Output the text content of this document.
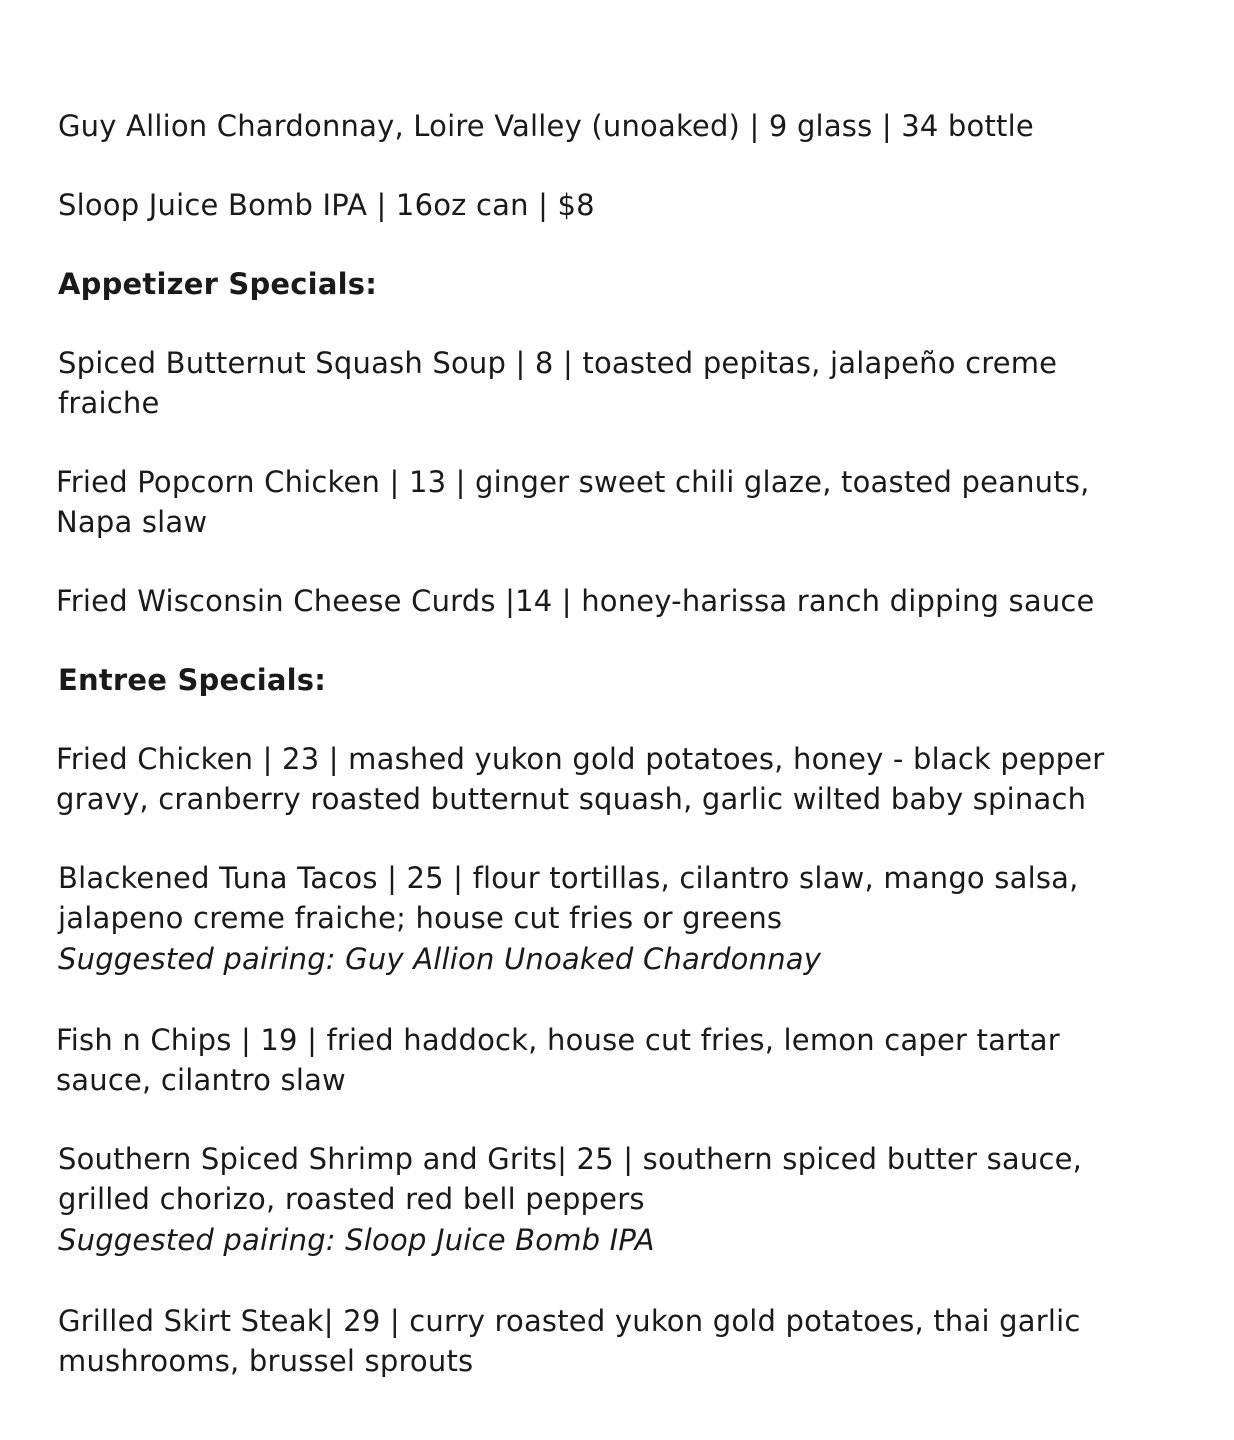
Guy Allion Chardonnay, Loire Valley (unoaked) | 9 glass | 34 bottle
Sloop Juice Bomb IPA | 16oz can | $8
Appetizer Specials:
Spiced Butternut Squash Soup | 8 | toasted pepitas, jalapeño creme
fraiche
Fried Popcorn Chicken | 13 | ginger sweet chili glaze, toasted peanuts,
Napa slaw
Fried Wisconsin Cheese Curds |14 | honey-harissa ranch dipping sauce
Entree Specials:
Fried Chicken | 23 | mashed yukon gold potatoes, honey - black pepper
gravy, cranberry roasted butternut squash, garlic wilted baby spinach
Blackened Tuna Tacos | 25 | flour tortillas, cilantro slaw, mango salsa,
jalapeno creme fraiche; house cut fries or greens
Suggested pairing: Guy Allion Unoaked Chardonnay
Fish n Chips | 19 | fried haddock, house cut fries, lemon caper tartar
sauce, cilantro slaw
Southern Spiced Shrimp and Grits| 25 | southern spiced butter sauce,
grilled chorizo, roasted red bell peppers
Suggested pairing: Sloop Juice Bomb IPA
Grilled Skirt Steak| 29 | curry roasted yukon gold potatoes, thai garlic
mushrooms, brussel sprouts
